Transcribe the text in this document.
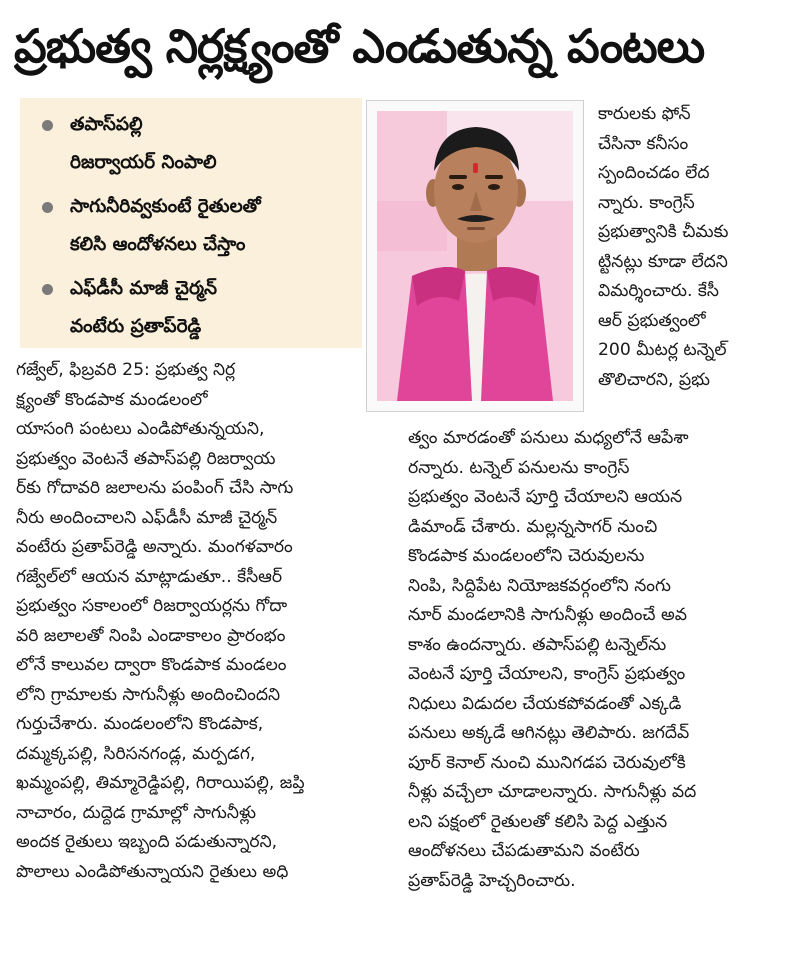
ప్రభుత్వ నిర్లక్ష్యంతో ఎండుతున్న పంటలు
తపాస్‌పల్లి
రిజర్వాయర్ నింపాలి
సాగునీరివ్వకుంటే రైతులతో
కలిసి ఆందోళనలు చేస్తాం
ఎఫ్‌డీసీ మాజీ చైర్మన్
వంటేరు ప్రతాప్‌రెడ్డి
కారులకు ఫోన్
చేసినా కనీసం
స్పందించడం లేద
న్నారు. కాంగ్రెస్
ప్రభుత్వానికి చీమకు
ట్టినట్లు కూడా లేదని
విమర్శించారు. కేసీ
ఆర్ ప్రభుత్వంలో
200 మీటర్ల టన్నెల్
తొలిచారని, ప్రభు
త్వం మారడంతో పనులు మధ్యలోనే ఆపేశా
రన్నారు. టన్నెల్ పనులను కాంగ్రెస్
ప్రభుత్వం వెంటనే పూర్తి చేయాలని ఆయన
డిమాండ్ చేశారు. మల్లన్నసాగర్ నుంచి
కొండపాక మండలంలోని చెరువులను
నింపి, సిద్దిపేట నియోజకవర్గంలోని నంగు
నూర్ మండలానికి సాగునీళ్లు అందించే అవ
కాశం ఉందన్నారు. తపాస్‌పల్లి టన్నెల్‌ను
వెంటనే పూర్తి చేయాలని, కాంగ్రెస్ ప్రభుత్వం
నిధులు విడుదల చేయకపోవడంతో ఎక్కడి
పనులు అక్కడే ఆగినట్లు తెలిపారు. జగదేవ్
పూర్ కెనాల్ నుంచి మునిగడప చెరువులోకి
నీళ్లు వచ్చేలా చూడాలన్నారు. సాగునీళ్లు వద
లని పక్షంలో రైతులతో కలిసి పెద్ద ఎత్తున
ఆందోళనలు చేపడుతామని వంటేరు
ప్రతాప్‌రెడ్డి హెచ్చరించారు.
గజ్వేల్, ఫిబ్రవరి 25: ప్రభుత్వ నిర్ల
క్ష్యంతో కొండపాక మండలంలో
యాసంగి పంటలు ఎండిపోతున్నయని,
ప్రభుత్వం వెంటనే తపాస్‌పల్లి రిజర్వాయ
ర్‌కు గోదావరి జలాలను పంపింగ్ చేసి సాగు
నీరు అందించాలని ఎఫ్‌డీసీ మాజీ చైర్మన్
వంటేరు ప్రతాప్‌రెడ్డి అన్నారు. మంగళవారం
గజ్వేల్‌లో ఆయన మాట్లాడుతూ.. కేసీఆర్
ప్రభుత్వం సకాలంలో రిజర్వాయర్లను గోదా
వరి జలాలతో నింపి ఎండాకాలం ప్రారంభం
లోనే కాలువల ద్వారా కొండపాక మండలం
లోని గ్రామాలకు సాగునీళ్లు అందించిందని
గుర్తుచేశారు. మండలంలోని కొండపాక,
దమ్మక్కపల్లి, సిరిసనగండ్ల, మర్పడగ,
ఖమ్మంపల్లి, తిమ్మారెడ్డిపల్లి, గిరాయిపల్లి, జప్తి
నాచారం, దుద్దెడ గ్రామాల్లో సాగునీళ్లు
అందక రైతులు ఇబ్బంది పడుతున్నారని,
పొలాలు ఎండిపోతున్నాయని రైతులు అధి
